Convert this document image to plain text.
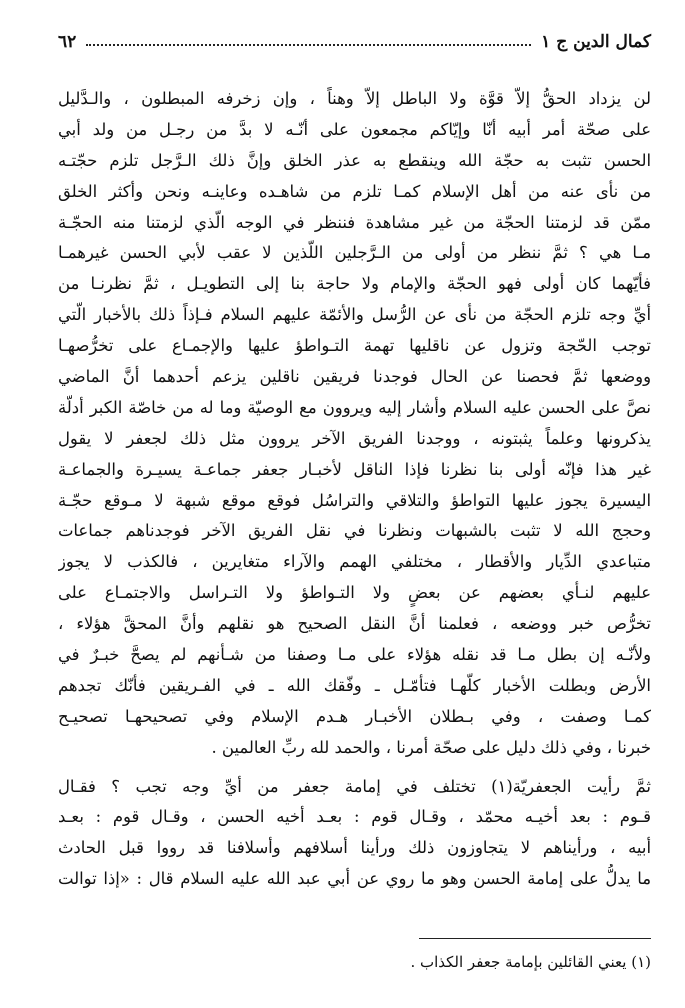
كمال الدين ج ١
٦٢
لن يزداد الحقُّ إلاّ قوَّة ولا الباطل إلاّ وهناً ، وإن زخرفه المبطلون ، والـدَّليل
على صحّة أمر أبيه أنّا وإيّاكم مجمعون على أنّـه لا بدَّ من رجـل من ولد أبي
الحسن تثبت به حجّة الله وينقطع به عذر الخلق وإنَّ ذلك الـرَّجل تلزم حجّتـه
من نأى عنه من أهل الإسلام كمـا تلزم من شاهـده وعاينـه ونحن وأكثر الخلق
ممّن قد لزمتنا الحجّة من غير مشاهدة فننظر في الوجه الّذي لزمتنا منه الحجّـة
مـا هي ؟ ثمَّ ننظر من أولى من الـرَّجلين اللّذين لا عقب لأبي الحسن غيرهمـا
فأيّهما كان أولى فهو الحجّة والإمام ولا حاجة بنا إلى التطويـل ، ثمَّ نظرنـا من
أيِّ وجه تلزم الحجّة من نأى عن الرُّسل والأئمّة عليهم السلام فـإذاً ذلك بالأخبار الّتي
توجب الحّجة وتزول عن ناقليها تهمة التـواطؤ عليها والإجمـاع على تخرُّصهـا
ووضعها ثمَّ فحصنا عن الحال فوجدنا فريقين ناقلين يزعم أحدهما أنَّ الماضي
نصَّ على الحسن عليه السلام وأشار إليه ويروون مع الوصيّة وما له من خاصّة الكبر أدلّة
يذكرونها وعلماً يثبتونه ، ووجدنا الفريق الآخر يروون مثل ذلك لجعفر لا يقول
غير هذا فإنّه أولى بنا نظرنا فإذا الناقل لأخبـار جعفر جماعـة يسيـرة والجماعـة
اليسيرة يجوز عليها التواطؤ والتلاقي والتراسُل فوقع موقع شبهة لا مـوقع حجّـة
وحجج الله لا تثبت بالشبهات ونظرنا في نقل الفريق الآخر فوجدناهم جماعات
متباعدي الدِّيار والأقطار ، مختلفي الهمم والآراء متغايرين ، فالكذب لا يجوز
عليهم لنـأي بعضهم عن بعضٍ ولا التـواطؤ ولا التـراسل والاجتمـاع على
تخرُّص خبر ووضعه ، فعلمنا أنَّ النقل الصحيح هو نقلهم وأنَّ المحقَّ هؤلاء ،
ولأنّـه إن بطل مـا قد نقله هؤلاء على مـا وصفنا من شـأنهم لم يصحَّ خبـرٌ في
الأرض وبطلت الأخبار كلّهـا فتأمّـل ـ وفّقك الله ـ في الفـريقين فأنّك تجدهم
كمـا وصفت ، وفي بـطلان الأخبـار هـدم الإسلام وفي تصحيحهـا تصحيـح
خبرنا ، وفي ذلك دليل على صحّة أمرنا ، والحمد لله ربِّ العالمين .
ثمَّ رأيت الجعفريّة(١) تختلف في إمامة جعفر من أيِّ وجه تجب ؟ فقـال
قـوم : بعد أخيـه محمّد ، وقـال قوم : بعـد أخيه الحسن ، وقـال قوم : بعـد
أبيه ، ورأيناهم لا يتجاوزون ذلك ورأينا أسلافهم وأسلافنا قد رووا قبل الحادث
ما يدلُّ على إمامة الحسن وهو ما روي عن أبي عبد الله عليه السلام قال : «إذا توالت
(١) يعني القائلين بإمامة جعفر الكذاب .
